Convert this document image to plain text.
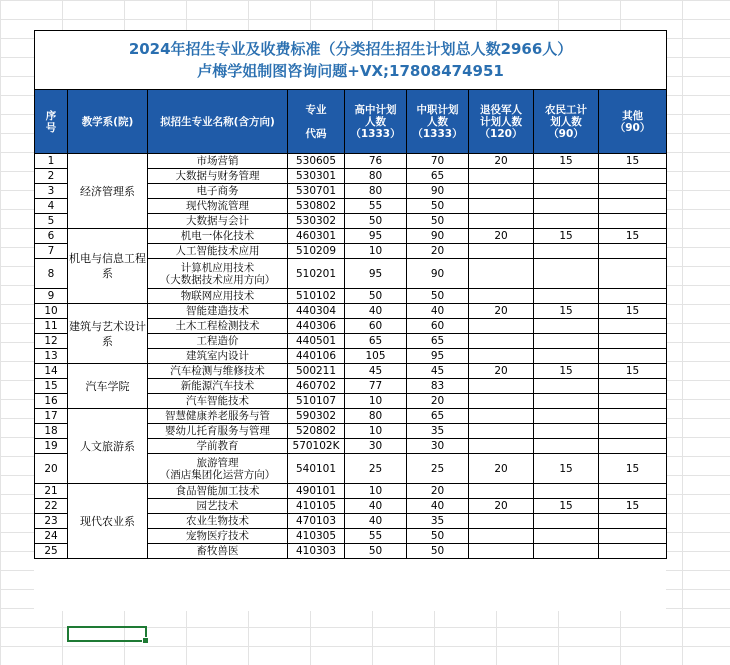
2024年招生专业及收费标准（分类招生招生计划总人数2966人）
卢梅学姐制图咨询问题+VX;17808474951								

序
号	教学系(院)	拟招生专业名称(含方向)	专业
代码	高中计划
人数
（1333）	中职计划
人数
（1333）	退役军人
计划人数
（120）	农民工计
划人数
（90）	其他
（90）

1	经济管理系	市场营销	530605	76	70	20	15	15
2		大数据与财务管理	530301	80	65			
3		电子商务	530701	80	90			
4		现代物流管理	530802	55	50			
5		大数据与会计	530302	50	50			
6	机电与信息工程系	机电一体化技术	460301	95	90	20	15	15
7		人工智能技术应用	510209	10	20			
8		计算机应用技术
（大数据技术应用方向）	510201	95	90			
9		物联网应用技术	510102	50	50			
10	建筑与艺术设计系	智能建造技术	440304	40	40	20	15	15
11		土木工程检测技术	440306	60	60			
12		工程造价	440501	65	65			
13		建筑室内设计	440106	105	95			
14	汽车学院	汽车检测与维修技术	500211	45	45	20	15	15
15		新能源汽车技术	460702	77	83			
16		汽车智能技术	510107	10	20			
17	人文旅游系	智慧健康养老服务与管	590302	80	65			
18		婴幼儿托育服务与管理	520802	10	35			
19		学前教育	570102K	30	30			
20		旅游管理
（酒店集团化运营方向）	540101	25	25	20	15	15
21	现代农业系	食品智能加工技术	490101	10	20			
22		园艺技术	410105	40	40	20	15	15
23		农业生物技术	470103	40	35			
24		宠物医疗技术	410305	55	50			
25		畜牧兽医	410303	50	50			
